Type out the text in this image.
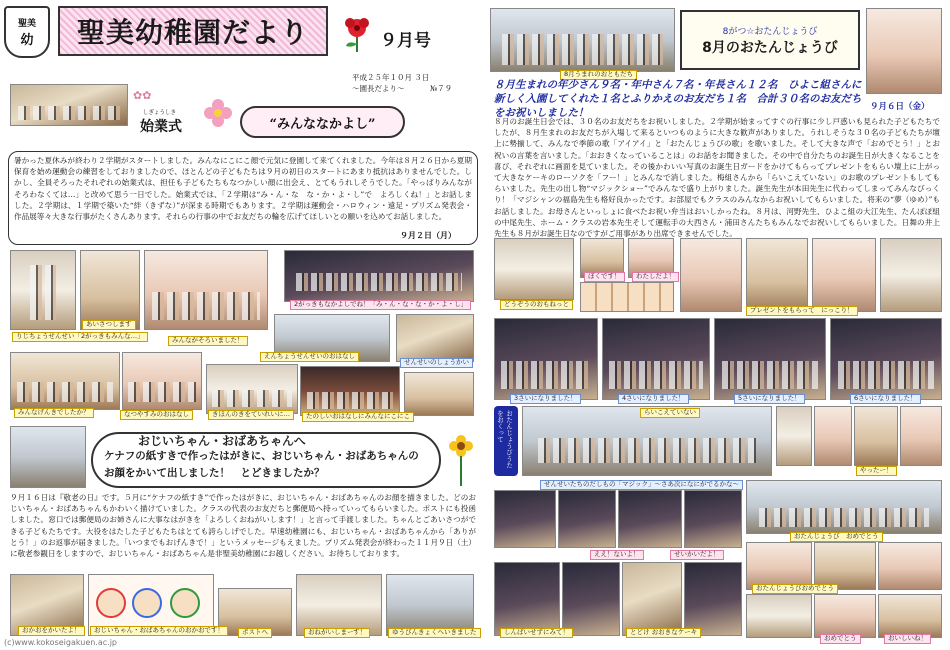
聖美
幼 聖美幼稚園だより	９月号
平成２５年１０月 ３日
～園長だより～	№７９
✿✿
しぎょうしき
始業式	“みんななかよし”
暑かった夏休みが終わり２学期がスタートしました。みんなにこにこ顔で元気に登園して来てくれました。今年は８月２６日から夏期保育を始め運動会の練習をしておりましたので、ほとんどの子どもたちは９月の初日のスタートにあまり抵抗はありませんでした。しかし、全員そろったそれぞれの始業式は、担任も子どもたちもなつかしい顔に出会え、とてもうれしそうでした。「やっぱりみんながそろわなくては…」と改めて思う一日でした。始業式では、「２学期は“み・ん・な　な・か・よ・し”で　よろしくね！」とお話しました。２学期は、１学期で築いた“絆（きずな）”が深まる時期でもあります。２学期は運動会・ハロウィン・遠足・プリズム発表会・作品展等々大きな行事がたくさんあります。それらの行事の中でお友だちの輪を広げてほしいとの願いを込めてお話しました。
９月２日（月）
2がっきもなかよしでね！「み・ん・な・な・か・よ・し」
りじちょうせんせい「2がっきもみんな…」
あいさつします
みんながそろいました！
せんせいのしょうかい
えんちょうせんせいのおはなし
みんなげんきでしたか？	きほんのきをていれいに…
なつやすみのおはなし	たのしいおはなしにみんなにこにこ
おじいちゃん・おばあちゃんへ
ケナフの紙すきで作ったはがきに、おじいちゃん・おばあちゃんのお顔をかいて出しました！　とどきましたか？
９月１６日は『敬老の日』です。５月に“ケナフの紙すき”で作ったはがきに、おじいちゃん・おばあちゃんのお顔を描きました。どのおじいちゃん・おばあちゃんもかわいく描けていました。クラスの代表のお友だちと郵便局へ持っていってもらいました。ポストにも投函しました。窓口では郵便局のお姉さんに大事なはがきを「よろしくおねがいします！」と言って手渡しました。ちゃんとごあいさつができる子どもたちです。大役をはたした子どもたちはとても誇らしげでした。早速幼稚園にも、おじいちゃん・おばあちゃんから「ありがとう！」のお返事が届きました。「いつまでもおげんきで！」というメッセージもえました。プリズム発表会が終わった１１月９日（土）に敬老参観日をしますので、おじいちゃん・おばあちゃん是非聖美幼稚園にお越しください。お待ちしております。
おかおをかいたよ！	おじいちゃん・おばあちゃんのおかおです！	ポストへ	おねがいしまーす！	ゆうびんきょくへいきました
(c)www.kokoseigakuen.ac.jp
8月うまれのおともだち
8がつ☆おたんじょうび
8月のおたんじょうび
８月生まれの年少さん９名・年中さん７名・年長さん１２名　ひよこ組さんに新しく入園してくれた１名とふりかえのお友だち１名　合計３０名のお友だちをお祝いしました！	９月６日（金）
８月のお誕生日会では、３０名のお友だちをお祝いしました。２学期が始まってすぐの行事に少し戸惑いも見られた子どもたちでしたが、８月生まれのお友だちが入場して来るといつものように大きな歓声がありました。うれしそうな３０名の子どもたちが壇上に勢揃して、みんなで季節の歌「アイアイ」と「おたんじょうびの歌」を歌いました。そして大きな声で「おめでとう！」とお祝いの言葉を言いました。「おおきくなっていることは」のお話をお聞きました。その中で自分たちのお誕生日が大きくなることを喜び、それぞれに画面を見ていました。その後かわいい写真のお誕生日ガードをかけてもらってプレゼントをもらい壇上に上がって大きなケーキのローソクを「フー！」とみんなで消しました。梅組さんから「らいこえていない」のお歌のプレゼントもしてもらいました。先生の出し物“マジックショー”でみんなで盛り上がりました。誕生先生が本田先生に代わってしまってみんなびっくり！「マジシャンの福島先生も格好良かったです。お部屋でもクラスのみんなからお祝いしてもらいました。将来の“夢（ゆめ）”もお話しました。お母さんといっしょに食べたお祝い弁当はおいしかったね。８月は、河野先生、ひよこ組の大江先生、たんぽぽ組の中尾先生、ホーム・クラスの岩本先生そして運転手の大西さん・浦田さんたちもみんなでお祝いしてもらいました。日舞の井上先生も８月がお誕生日なのですがご用事があり出席できませんでした。
どうぞうのおもねっと
ぼくです！	わたしだよ！
プレゼントをもらって　にっこり！
3さいになりました！	4さいになりました！	5さいになりました！	6さいになりました！
おたんじょうびうたをおくって	らいこえていない
やったー！
せんせいたちのだしもの「マジック」～さあ次になにがでるかな～
おたんじょうび　おめでとう
ええ！ないよ！	せいかいだよ！
しんぱいせずにみて！	とどけ おおきなケーキ
おめでとう	おいしいね！
おたんじょうびおめでとう
